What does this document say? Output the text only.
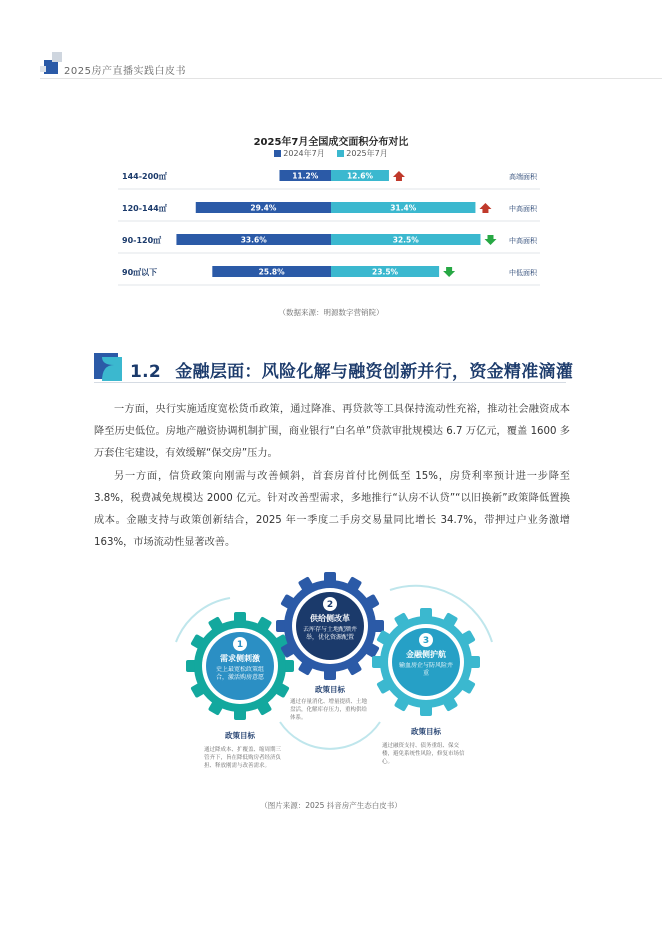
2025房产直播实践白皮书
2025年7月全国成交面积分布对比
2024年7月	2025年7月
144-200㎡	11.2%	12.6%	高端面积
120-144㎡	29.4%	31.4%	中高面积
90-120㎡	33.6%	32.5%	中高面积
90㎡以下	25.8%	23.5%	中低面积
（数据来源：明源数字营销院）
1.2 金融层面：风险化解与融资创新并行，资金精准滴灌

一方面，央行实施适度宽松货币政策，通过降准、再贷款等工具保持流动性充裕，推动社会融资成本降至历史低位。房地产融资协调机制扩围，商业银行“白名单”贷款审批规模达 6.7 万亿元，覆盖 1600 多万套住宅建设，有效缓解“保交房”压力。

另一方面，信贷政策向刚需与改善倾斜，首套房首付比例低至 15%，房贷利率预计进一步降至 3.8%，税费减免规模达 2000 亿元。针对改善型需求，多地推行“认房不认贷”“以旧换新”政策降低置换成本。金融支持与政策创新结合，2025 年一季度二手房交易量同比增长 34.7%，带押过户业务激增 163%，市场流动性显著改善。

1
需求侧刺激
史上最宽松政策组合，激活购房意愿
2
供给侧改革
去库存与土地配额并举，优化资源配置	3
金融侧护航
输血房企与防风险并重
政策目标
政策目标
政策目标
通过降成本、扩覆盖、缩周期三管齐下，旨在降低购房者经济负担、释放刚需与改善需求。
通过存量消化、增量提质、土地盘活，化解库存压力，重构供给体系。
通过融资支持、债务重组、保交楼，避免系统性风险，修复市场信心。
（图片来源：2025 抖音房产生态白皮书）
